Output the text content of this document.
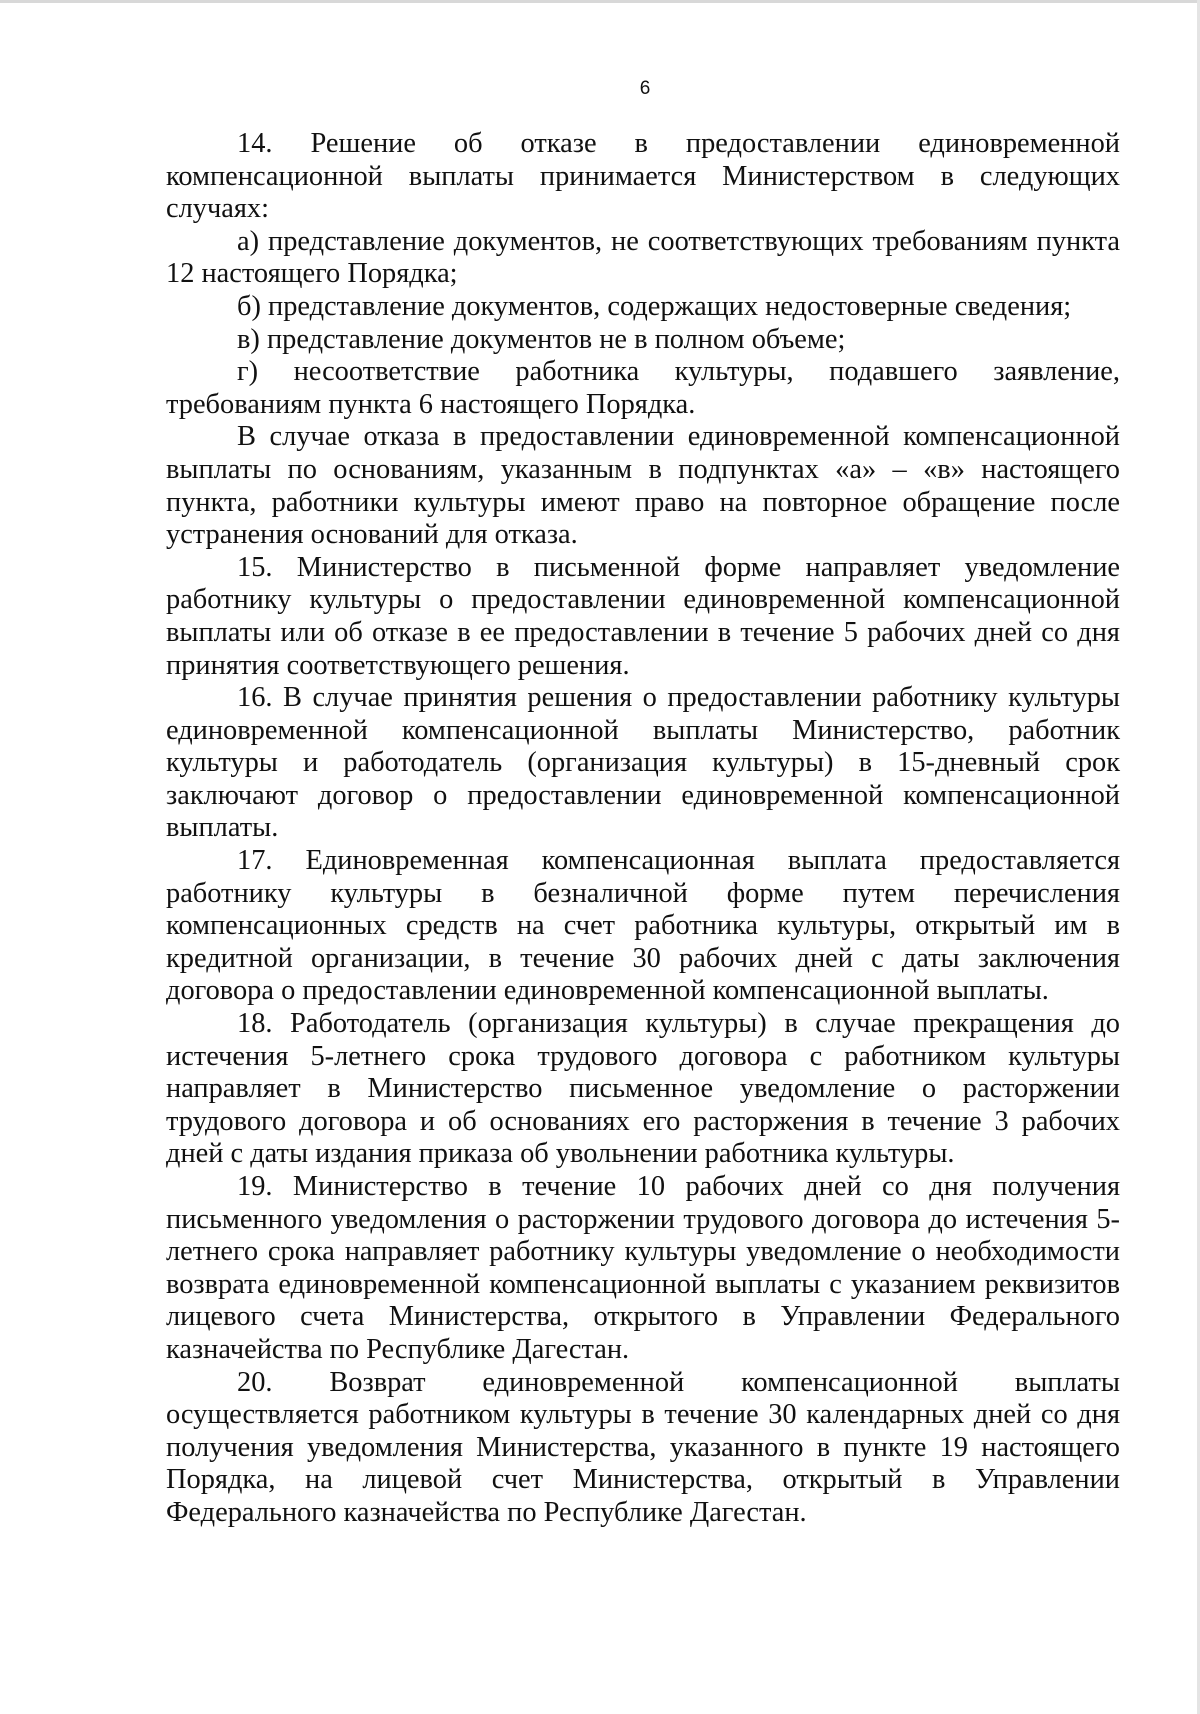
6

14. Решение об отказе в предоставлении единовременной компенсационной выплаты принимается Министерством в следующих случаях:

а) представление документов, не соответствующих требованиям пункта 12 настоящего Порядка;

б) представление документов, содержащих недостоверные сведения;

в) представление документов не в полном объеме;

г) несоответствие работника культуры, подавшего заявление, требованиям пункта 6 настоящего Порядка.

В случае отказа в предоставлении единовременной компенсационной выплаты по основаниям, указанным в подпунктах «а» – «в» настоящего пункта, работники культуры имеют право на повторное обращение после устранения оснований для отказа.

15. Министерство в письменной форме направляет уведомление работнику культуры о предоставлении единовременной компенсационной выплаты или об отказе в ее предоставлении в течение 5 рабочих дней со дня принятия соответствующего решения.

16. В случае принятия решения о предоставлении работнику культуры единовременной компенсационной выплаты Министерство, работник культуры и работодатель (организация культуры) в 15-дневный срок заключают договор о предоставлении единовременной компенсационной выплаты.

17. Единовременная компенсационная выплата предоставляется работнику культуры в безналичной форме путем перечисления компенсационных средств на счет работника культуры, открытый им в кредитной организации, в течение 30 рабочих дней с даты заключения договора о предоставлении единовременной компенсационной выплаты.

18. Работодатель (организация культуры) в случае прекращения до истечения 5-летнего срока трудового договора с работником культуры направляет в Министерство письменное уведомление о расторжении трудового договора и об основаниях его расторжения в течение 3 рабочих дней с даты издания приказа об увольнении работника культуры.

19. Министерство в течение 10 рабочих дней со дня получения письменного уведомления о расторжении трудового договора до истечения 5-летнего срока направляет работнику культуры уведомление о необходимости возврата единовременной компенсационной выплаты с указанием реквизитов лицевого счета Министерства, открытого в Управлении Федерального казначейства по Республике Дагестан.

20. Возврат единовременной компенсационной выплаты осуществляется работником культуры в течение 30 календарных дней со дня получения уведомления Министерства, указанного в пункте 19 настоящего Порядка, на лицевой счет Министерства, открытый в Управлении Федерального казначейства по Республике Дагестан.
